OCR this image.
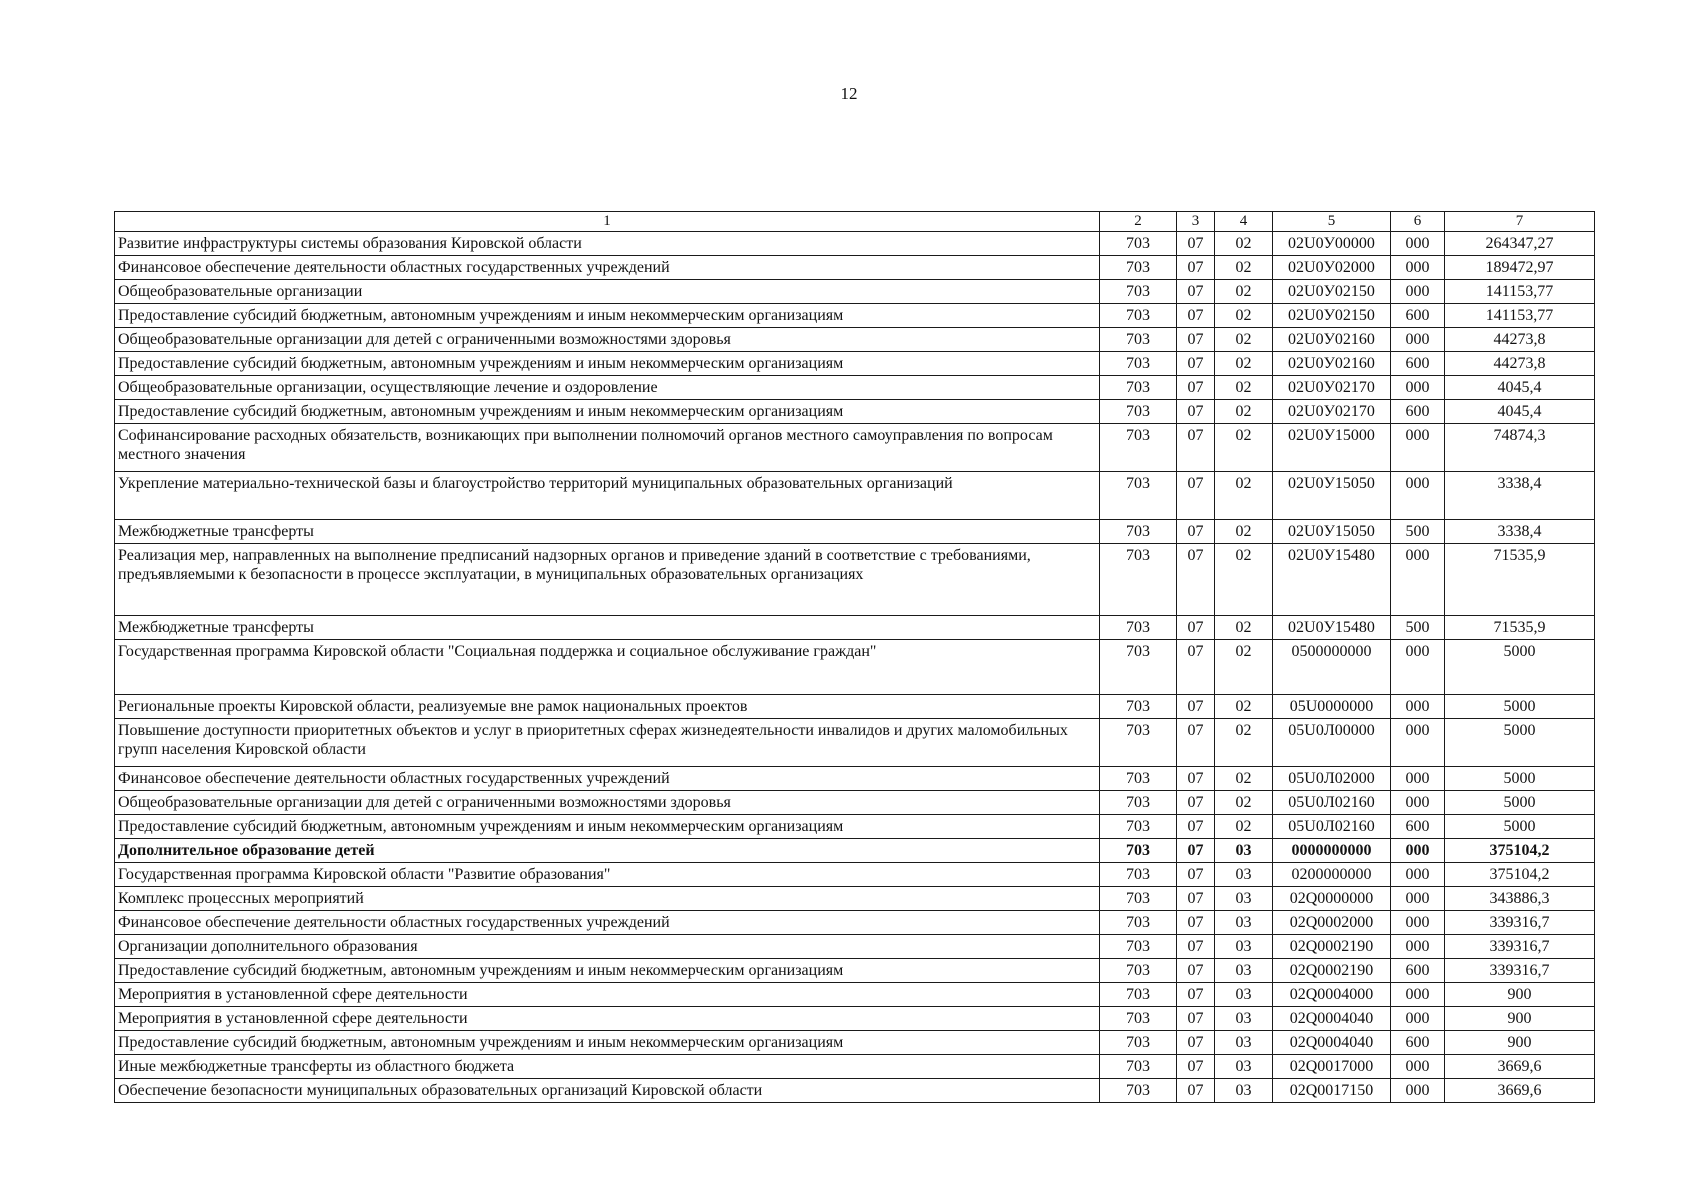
12
1	2	3	4	5	6	7
Развитие инфраструктуры системы образования Кировской области	703	07	02	02U0У00000	000	264347,27
Финансовое обеспечение деятельности областных государственных учреждений	703	07	02	02U0У02000	000	189472,97
Общеобразовательные организации	703	07	02	02U0У02150	000	141153,77
Предоставление субсидий бюджетным, автономным учреждениям и иным некоммерческим организациям	703	07	02	02U0У02150	600	141153,77
Общеобразовательные организации для детей с ограниченными возможностями здоровья	703	07	02	02U0У02160	000	44273,8
Предоставление субсидий бюджетным, автономным учреждениям и иным некоммерческим организациям	703	07	02	02U0У02160	600	44273,8
Общеобразовательные организации, осуществляющие лечение и оздоровление	703	07	02	02U0У02170	000	4045,4
Предоставление субсидий бюджетным, автономным учреждениям и иным некоммерческим организациям	703	07	02	02U0У02170	600	4045,4
Софинансирование расходных обязательств, возникающих при выполнении полномочий органов местного самоуправления по вопросам местного значения	703	07	02	02U0У15000	000	74874,3
Укрепление материально-технической базы и благоустройство территорий муниципальных образовательных организаций	703	07	02	02U0У15050	000	3338,4
Межбюджетные трансферты	703	07	02	02U0У15050	500	3338,4
Реализация мер, направленных на выполнение предписаний надзорных органов и приведение зданий в соответствие с требованиями, предъявляемыми к безопасности в процессе эксплуатации, в муниципальных образовательных организациях	703	07	02	02U0У15480	000	71535,9
Межбюджетные трансферты	703	07	02	02U0У15480	500	71535,9
Государственная программа Кировской области "Социальная поддержка и социальное обслуживание граждан"	703	07	02	0500000000	000	5000
Региональные проекты Кировской области, реализуемые вне рамок национальных проектов	703	07	02	05U0000000	000	5000
Повышение доступности приоритетных объектов и услуг в приоритетных сферах жизнедеятельности инвалидов и других маломобильных групп населения Кировской области	703	07	02	05U0Л00000	000	5000
Финансовое обеспечение деятельности областных государственных учреждений	703	07	02	05U0Л02000	000	5000
Общеобразовательные организации для детей с ограниченными возможностями здоровья	703	07	02	05U0Л02160	000	5000
Предоставление субсидий бюджетным, автономным учреждениям и иным некоммерческим организациям	703	07	02	05U0Л02160	600	5000
Дополнительное образование детей	703	07	03	0000000000	000	375104,2
Государственная программа Кировской области "Развитие образования"	703	07	03	0200000000	000	375104,2
Комплекс процессных мероприятий	703	07	03	02Q0000000	000	343886,3
Финансовое обеспечение деятельности областных государственных учреждений	703	07	03	02Q0002000	000	339316,7
Организации дополнительного образования	703	07	03	02Q0002190	000	339316,7
Предоставление субсидий бюджетным, автономным учреждениям и иным некоммерческим организациям	703	07	03	02Q0002190	600	339316,7
Мероприятия в установленной сфере деятельности	703	07	03	02Q0004000	000	900
Мероприятия в установленной сфере деятельности	703	07	03	02Q0004040	000	900
Предоставление субсидий бюджетным, автономным учреждениям и иным некоммерческим организациям	703	07	03	02Q0004040	600	900
Иные межбюджетные трансферты из областного бюджета	703	07	03	02Q0017000	000	3669,6
Обеспечение безопасности муниципальных образовательных организаций Кировской области	703	07	03	02Q0017150	000	3669,6
